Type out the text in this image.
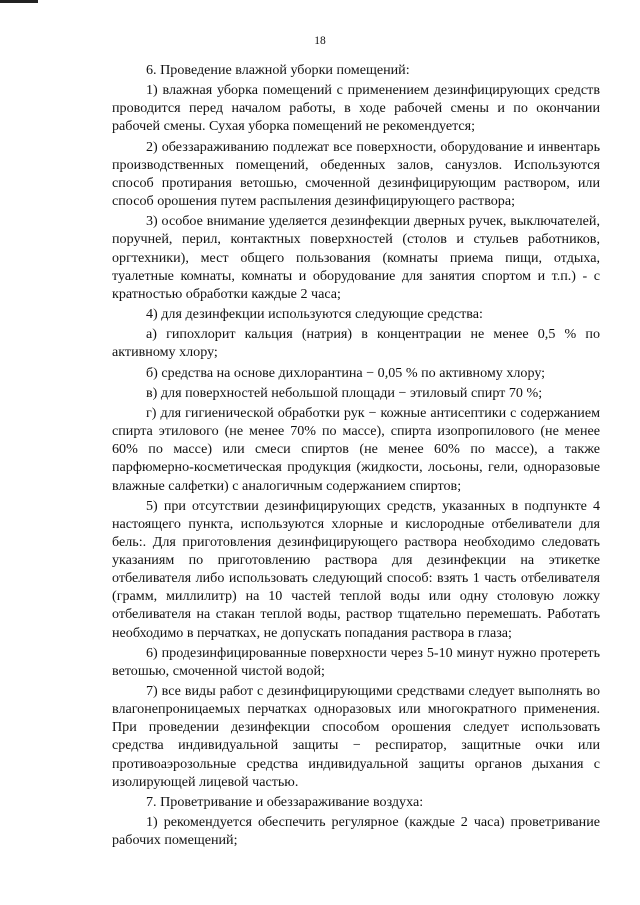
18

6. Проведение влажной уборки помещений:

1) влажная уборка помещений с применением дезинфицирующих средств проводится перед началом работы, в ходе рабочей смены и по окончании рабочей смены. Сухая уборка помещений не рекомендуется;

2) обеззараживанию подлежат все поверхности, оборудование и инвентарь производственных помещений, обеденных залов, санузлов. Используются способ протирания ветошью, смоченной дезинфицирующим раствором, или способ орошения путем распыления дезинфицирующего раствора;

3) особое внимание уделяется дезинфекции дверных ручек, выключателей, поручней, перил, контактных поверхностей (столов и стульев работников, оргтехники), мест общего пользования (комнаты приема пищи, отдыха, туалетные комнаты, комнаты и оборудование для занятия спортом и т.п.) - с кратностью обработки каждые 2 часа;

4) для дезинфекции используются следующие средства:

а) гипохлорит кальция (натрия) в концентрации не менее 0,5 % по активному хлору;

б) средства на основе дихлорантина − 0,05 % по активному хлору;

в) для поверхностей небольшой площади − этиловый спирт 70 %;

г) для гигиенической обработки рук − кожные антисептики с содержанием спирта этилового (не менее 70% по массе), спирта изопропилового (не менее 60% по массе) или смеси спиртов (не менее 60% по массе), а также парфюмерно-косметическая продукция (жидкости, лосьоны, гели, одноразовые влажные салфетки) с аналогичным содержанием спиртов;

5) при отсутствии дезинфицирующих средств, указанных в подпункте 4 настоящего пункта, используются хлорные и кислородные отбеливатели для бель:. Для приготовления дезинфицирующего раствора необходимо следовать указаниям по приготовлению раствора для дезинфекции на этикетке отбеливателя либо использовать следующий способ: взять 1 часть отбеливателя (грамм, миллилитр) на 10 частей теплой воды или одну столовую ложку отбеливателя на стакан теплой воды, раствор тщательно перемешать. Работать необходимо в перчатках, не допускать попадания раствора в глаза;

6) продезинфицированные поверхности через 5-10 минут нужно протереть ветошью, смоченной чистой водой;

7) все виды работ с дезинфицирующими средствами следует выполнять во влагонепроницаемых перчатках одноразовых или многократного применения. При проведении дезинфекции способом орошения следует использовать средства индивидуальной защиты − респиратор, защитные очки или противоаэрозольные средства индивидуальной защиты органов дыхания с изолирующей лицевой частью.

7. Проветривание и обеззараживание воздуха:

1) рекомендуется обеспечить регулярное (каждые 2 часа) проветривание рабочих помещений;
